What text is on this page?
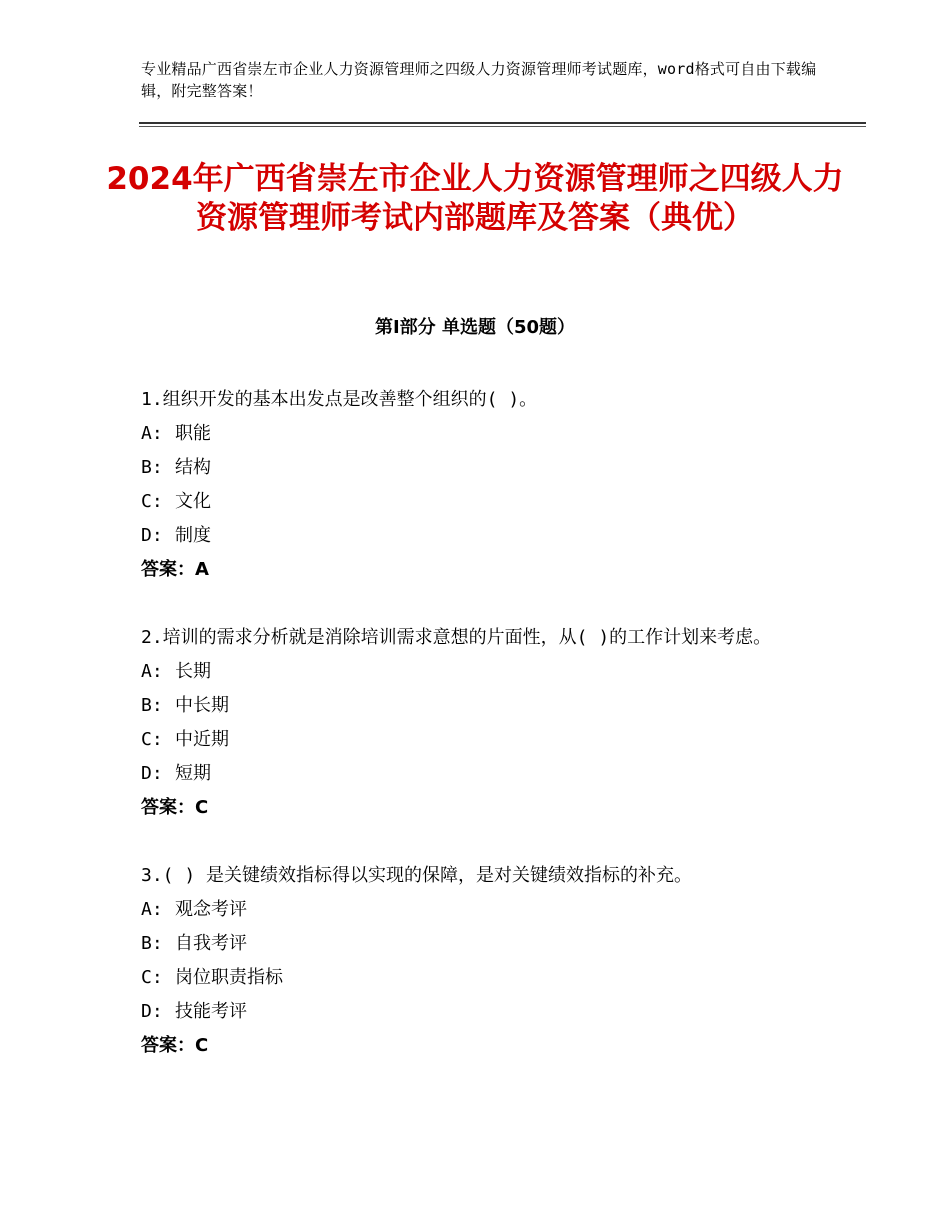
专业精品广西省崇左市企业人力资源管理师之四级人力资源管理师考试题库，word格式可自由下载编辑，附完整答案！
2024年广西省崇左市企业人力资源管理师之四级人力资源管理师考试内部题库及答案（典优）
第Ⅰ部分 单选题（50题）

1.组织开发的基本出发点是改善整个组织的( )。

A: 职能

B: 结构

C: 文化

D: 制度

答案：A

2.培训的需求分析就是消除培训需求意想的片面性，从( )的工作计划来考虑。

A: 长期

B: 中长期

C: 中近期

D: 短期

答案：C

3.( ) 是关键绩效指标得以实现的保障，是对关键绩效指标的补充。

A: 观念考评

B: 自我考评

C: 岗位职责指标

D: 技能考评

答案：C
